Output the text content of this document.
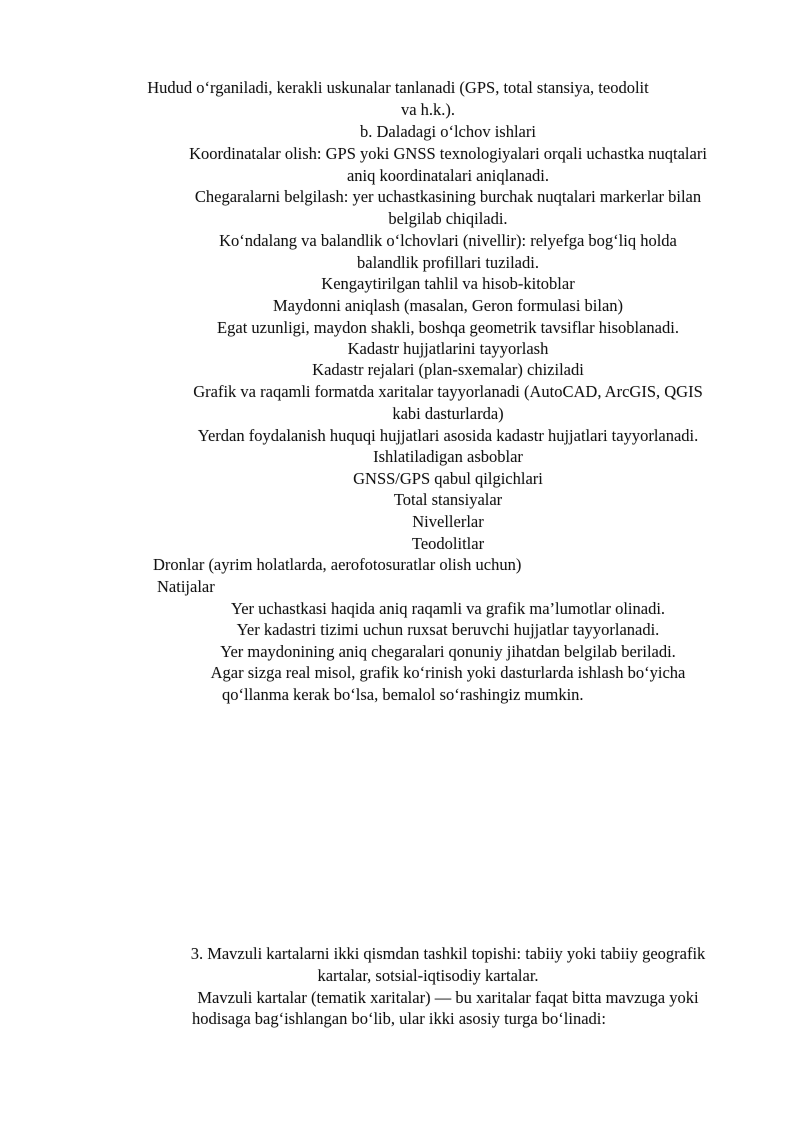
Hudud o‘rganiladi, kerakli uskunalar tanlanadi (GPS, total stansiya, teodolit
va h.k.).
b. Daladagi o‘lchov ishlari
Koordinatalar olish: GPS yoki GNSS texnologiyalari orqali uchastka nuqtalari
aniq koordinatalari aniqlanadi.
Chegaralarni belgilash: yer uchastkasining burchak nuqtalari markerlar bilan
belgilab chiqiladi.
Ko‘ndalang va balandlik o‘lchovlari (nivellir): relyefga bog‘liq holda
balandlik profillari tuziladi.
Kengaytirilgan tahlil va hisob-kitoblar
Maydonni aniqlash (masalan, Geron formulasi bilan)
Egat uzunligi, maydon shakli, boshqa geometrik tavsiflar hisoblanadi.
Kadastr hujjatlarini tayyorlash
Kadastr rejalari (plan-sxemalar) chiziladi
Grafik va raqamli formatda xaritalar tayyorlanadi (AutoCAD, ArcGIS, QGIS
kabi dasturlarda)
Yerdan foydalanish huquqi hujjatlari asosida kadastr hujjatlari tayyorlanadi.
Ishlatiladigan asboblar
GNSS/GPS qabul qilgichlari
Total stansiyalar
Nivellerlar
Teodolitlar
Dronlar (ayrim holatlarda, aerofotosuratlar olish uchun)
Natijalar
Yer uchastkasi haqida aniq raqamli va grafik ma’lumotlar olinadi.
Yer kadastri tizimi uchun ruxsat beruvchi hujjatlar tayyorlanadi.
Yer maydonining aniq chegaralari qonuniy jihatdan belgilab beriladi.
Agar sizga real misol, grafik ko‘rinish yoki dasturlarda ishlash bo‘yicha
qo‘llanma kerak bo‘lsa, bemalol so‘rashingiz mumkin.
3. Mavzuli kartalarni ikki qismdan tashkil topishi: tabiiy yoki tabiiy geografik
kartalar, sotsial-iqtisodiy kartalar.
Mavzuli kartalar (tematik xaritalar) — bu xaritalar faqat bitta mavzuga yoki
hodisaga bag‘ishlangan bo‘lib, ular ikki asosiy turga bo‘linadi:
